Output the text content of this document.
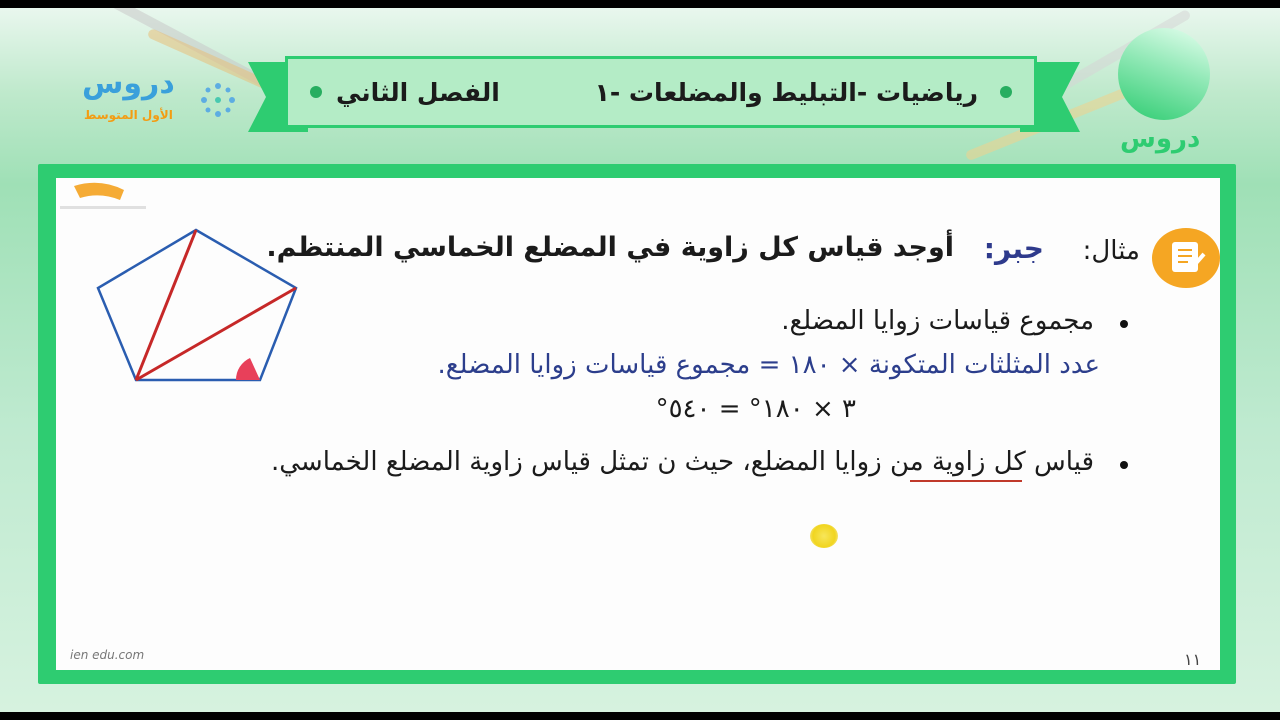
دروس
الأول المتوسط
دروس
رياضيات -التبليط والمضلعات -١
الفصل الثاني
مثال:
جبر:
أوجد قياس كل زاوية في المضلع الخماسي المنتظم.
مجموع قياسات زوايا المضلع.
عدد المثلثات المتكونة × ١٨٠ = مجموع قياسات زوايا المضلع.
°٣ × ١٨٠° = ٥٤٠
قياس كل زاوية من زوايا المضلع، حيث ن تمثل قياس زاوية المضلع الخماسي.
ien edu.com	١١
